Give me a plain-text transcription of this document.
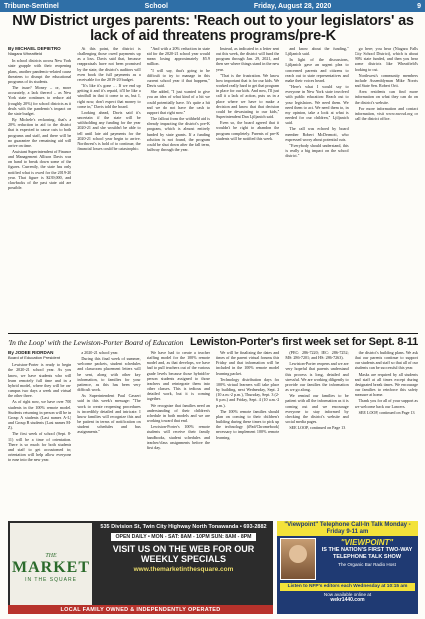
Tribune-Sentinel	School	Friday, August 28, 2020	9
NW District urges parents: 'Reach out to your legislators' as lack of aid threatens programs/pre-K
By MICHAEL DEPIETRO
Niagara Wheatfield

In school districts across New York state grapple with their reopening plans, another pandemic-related cause threatens to disrupt the educational programs of its students.

The issue? Money – or, more accurately, a lack thereof – as New York state continues to reduce aid (roughly 20%) for school districts as it deals with the pandemic's impact on the state budget.

By Michele's reckoning, that's a 20% reduction in aid to the district that is expected to cause cuts to both programs and staff, and there will be no guarantee the remaining aid will arrive on time.

Assistant Superintendent of Finance and Management Allison Davis was on hand to break down some of the figures. Currently, the state has only notified what is owed for the 2019-20 year. That figure is $239,000, and clawbacks of the past state aid are possible.

At this point, the district is challenging those owed payments up as a loss. Davis said that, because reappraisals have not been promised by the state, the district's auditors will even book the full payments as a receivable for the 2019-20 budget.

"It's like it's gone … If we end up getting it and it's repaid, it'll be like a windfall in that it come to us, but I, right now, don't expect that money to come in," Davis told the board.

Looking ahead, Davis said it's uncertain if the state will be withholding any funding for the year 2020-21 and she wouldn't be able to tell until late aid payments for the 2020-21 school year begin to arrive. Northwest's is hold of to continue, the financial losses could be catastrophic.

"And with a 20% reduction in state aid for the 2020-21 school year would mean losing approximately $5.9 million.

"I will say, that's going to be difficult to try to manage in this current school year if that happens," Davis said.

She added, "I just wanted to give you an idea of what kind of a hit we could potentially have. It's quite a hit and we do not have the cash to support that right now."

The fallout from the withheld aid is already impacting the district's pre-K program, which is almost entirely funded by state grants. If a funding solution is not found, the program could be shut down after the fall term, halfway through the year.

Instead, as indicated in a letter sent out this week, the district will fund the program through Jan. 29, 2021, and then see where things stand in the new year.

"That is the frustration. We know how important that is for our kids. We worked really hard to get that program in place for our kids. And now, I'll just call it a lack of action, puts us in a place where we have to make a decision and know that that decision could be devastating to our kids," Superintendent Dan Ljiljanich said.

Even so, the board agreed that it wouldn't be right to abandon the program completely. Parents of pre-K students will be notified this week.

and know about the funding," Ljiljanich said.

In light of the discussions, Ljiljanich gave an urgent plea to concerned parents and citizens to reach out to state representatives and make their voices heard.

"Here's what I would say to everyone in New York state involved with public education: Reach out to your legislators. We need them. We need them to act. We need them to, in my opinion, take a look at what is needed for our children," Ljiljanich said.

The call was echoed by board member Robert McDermott, who expressed worry about potential cuts.

"Everybody should understand, this is really a big impact on the school district."

go here; you hear (Niagara Falls City School District), which is about 90% state funded, and then you hear some districts like Wheatfield's looking to cut.

Northwest's community members include Assemblyman Mike Norris and State Sen. Robert Ortt.

Area residents can find more information on what they can do on the district's website.

For more information and contact information, visit www.nwcsd.org or call the district office.

'In the Loop' with the Lewiston-Porter Board of Education Lewiston-Porter's first week set for Sept. 8-11
By JODEE RIORDAN
Board of Education President

Lewiston-Porter is ready to begin the 2020-21 school year. As you know, we have students who will learn remotely full time and in a hybrid model, where they will be on-campus two days a week and virtual the other three.

As of right now, we have over 700 students in the 100% remote model. Students returning in person will be in Group A students (Last names A-L) and Group B students (Last names M-Z).

The first week of school (Sept. 8-11) will be a time of orientation. There is so much for both students and staff to get accustomed to; orientation will help allow everyone to ease into the new year.

a 2020-21 school year.

During this final week of summer, welcome packets, student schedules and classroom placement letters will be sent, along with other key information, to families for your patience, as this has been very difficult work.

As Superintendent Paul Casseri said in this week's message: "The work to create reopening procedures is incredibly detailed and intricate. I know families will recognize this and be patient in terms of notification on student schedules and bus assignments."

We have had to create a teacher staffing model for the 100% remote model and, as that develops, we have had to pull teachers out of the various grade levels because those hybrid/in-person students assigned to those teachers and reintegrate them into other classes. This is tedious and detailed work, but it is coming together.

We recognize that families need an understanding of their children's schedule in both models and we are working toward that end.

Lewiston-Porter's 100% remote students will receive their family handbooks, student schedules and teacher/class assignments before the first day.

We will be finalizing the dates and times of the parent virtual forums this Friday and that information will be included in the 100% remote model learning packet.

Technology distribution days for 100% virtual learners will take place by building, next Wednesday, Sept. 2 (10 a.m.-2 p.m.), Thursday, Sept. 3 (2-6 p.m.) and Friday, Sept. 4 (10 a.m.-2 p.m.).

The 100% remote families should plan on coming to their children's building during these times to pick up the technology (iPad/Chromebook) necessary to implement 100% remote learning.

(PEC: 286-7220; IEC: 286-7252; MS: 286-7201; and HS: 286-7263).

Lewiston-Porter reopens and we are very hopeful that parents understand this process is long, detailed and stressful. We are working diligently to provide our families the information as we go along.

We remind our families to be patient with all the information as it is coming out and we encourage everyone to stay informed by checking the district's website and social media pages.

SEE LOOP, continued on Page 13

the district's building plans. We ask that our parents continue to support our students and staff so that all of our students can be successful this year.

Masks are required by all students and staff at all times except during designated break times. We encourage our families to reinforce this safety measure at home.

Thank you for all of your support as we welcome back our Lancers.

SEE LOOP, continued on Page 13

THE
MARKET
IN THE SQUARE
535 Division St, Twin City Highway North Tonawanda • 693-2882
OPEN DAILY • MON - SAT: 8AM - 10PM SUN: 8AM - 8PM
VISIT US ON THE WEB FOR OUR WEEKLY SPECIALS
www.themarketinthesquare.com
LOCAL FAMILY OWNED & INDEPENDENTLY OPERATED
"Viewpoint" Telephone Call-In Talk Monday - Friday 9-11 am
"VIEWPOINT"
IS THE NATION'S FIRST TWO-WAY TELEPHONE TALK SHOW
The Organic Bar Radio Host
Listen to NFP's editors each Wednesday at 10:15 am
Now available online at
wekr1440.com
